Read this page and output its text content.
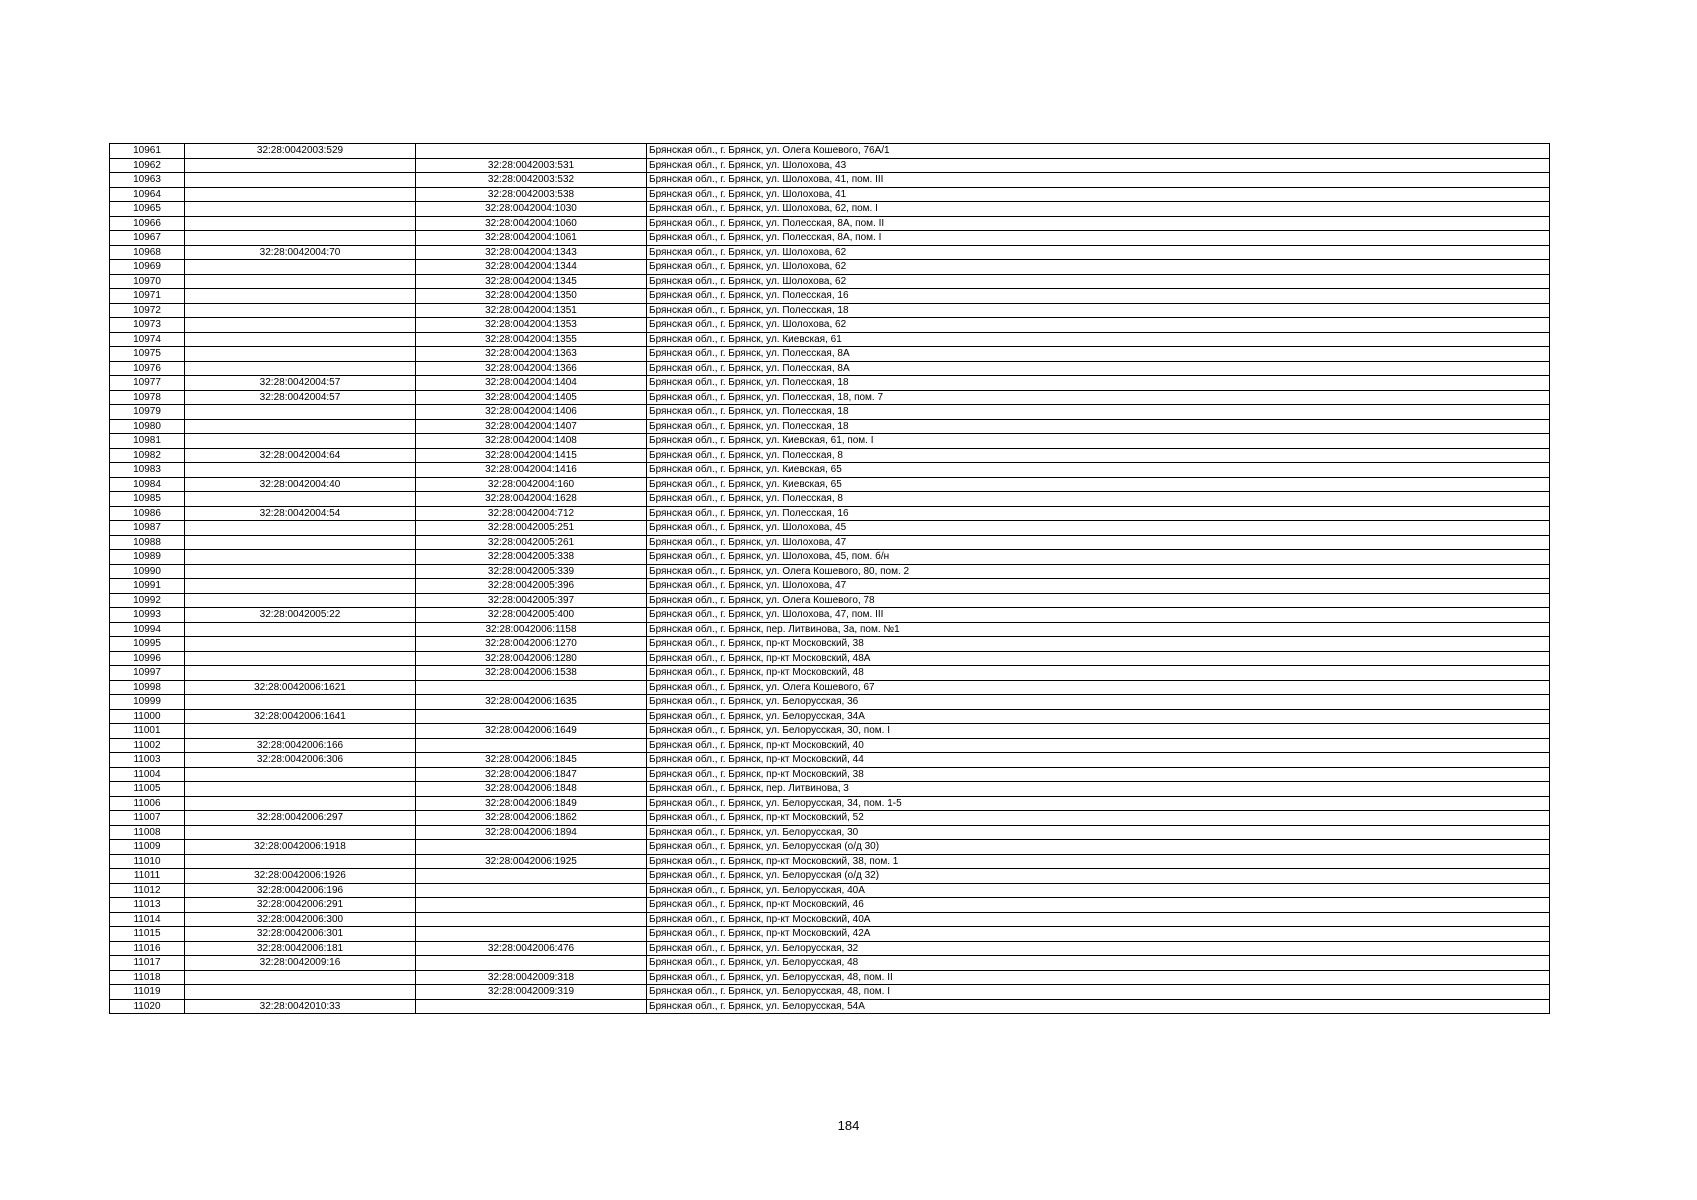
10961	32:28:0042003:529		Брянская обл., г. Брянск, ул. Олега Кошевого, 76А/1
10962		32:28:0042003:531	Брянская обл., г. Брянск, ул. Шолохова, 43
10963		32:28:0042003:532	Брянская обл., г. Брянск, ул. Шолохова, 41, пом. III
10964		32:28:0042003:538	Брянская обл., г. Брянск, ул. Шолохова, 41
10965		32:28:0042004:1030	Брянская обл., г. Брянск, ул. Шолохова, 62, пом. I
10966		32:28:0042004:1060	Брянская обл., г. Брянск, ул. Полесская, 8А, пом. II
10967		32:28:0042004:1061	Брянская обл., г. Брянск, ул. Полесская, 8А, пом. I
10968	32:28:0042004:70	32:28:0042004:1343	Брянская обл., г. Брянск, ул. Шолохова, 62
10969		32:28:0042004:1344	Брянская обл., г. Брянск, ул. Шолохова, 62
10970		32:28:0042004:1345	Брянская обл., г. Брянск, ул. Шолохова, 62
10971		32:28:0042004:1350	Брянская обл., г. Брянск, ул. Полесская, 16
10972		32:28:0042004:1351	Брянская обл., г. Брянск, ул. Полесская, 18
10973		32:28:0042004:1353	Брянская обл., г. Брянск, ул. Шолохова, 62
10974		32:28:0042004:1355	Брянская обл., г. Брянск, ул. Киевская, 61
10975		32:28:0042004:1363	Брянская обл., г. Брянск, ул. Полесская, 8А
10976		32:28:0042004:1366	Брянская обл., г. Брянск, ул. Полесская, 8А
10977	32:28:0042004:57	32:28:0042004:1404	Брянская обл., г. Брянск, ул. Полесская, 18
10978	32:28:0042004:57	32:28:0042004:1405	Брянская обл., г. Брянск, ул. Полесская, 18, пом. 7
10979		32:28:0042004:1406	Брянская обл., г. Брянск, ул. Полесская, 18
10980		32:28:0042004:1407	Брянская обл., г. Брянск, ул. Полесская, 18
10981		32:28:0042004:1408	Брянская обл., г. Брянск, ул. Киевская, 61, пом. I
10982	32:28:0042004:64	32:28:0042004:1415	Брянская обл., г. Брянск, ул. Полесская, 8
10983		32:28:0042004:1416	Брянская обл., г. Брянск, ул. Киевская, 65
10984	32:28:0042004:40	32:28:0042004:160	Брянская обл., г. Брянск, ул. Киевская, 65
10985		32:28:0042004:1628	Брянская обл., г. Брянск, ул. Полесская, 8
10986	32:28:0042004:54	32:28:0042004:712	Брянская обл., г. Брянск, ул. Полесская, 16
10987		32:28:0042005:251	Брянская обл., г. Брянск, ул. Шолохова, 45
10988		32:28:0042005:261	Брянская обл., г. Брянск, ул. Шолохова, 47
10989		32:28:0042005:338	Брянская обл., г. Брянск, ул. Шолохова, 45, пом. б/н
10990		32:28:0042005:339	Брянская обл., г. Брянск, ул. Олега Кошевого, 80, пом. 2
10991		32:28:0042005:396	Брянская обл., г. Брянск, ул. Шолохова, 47
10992		32:28:0042005:397	Брянская обл., г. Брянск, ул. Олега Кошевого, 78
10993	32:28:0042005:22	32:28:0042005:400	Брянская обл., г. Брянск, ул. Шолохова, 47, пом. III
10994		32:28:0042006:1158	Брянская обл., г. Брянск, пер. Литвинова, 3а, пом. №1
10995		32:28:0042006:1270	Брянская обл., г. Брянск, пр-кт Московский, 38
10996		32:28:0042006:1280	Брянская обл., г. Брянск, пр-кт Московский, 48А
10997		32:28:0042006:1538	Брянская обл., г. Брянск, пр-кт Московский, 48
10998	32:28:0042006:1621		Брянская обл., г. Брянск, ул. Олега Кошевого, 67
10999		32:28:0042006:1635	Брянская обл., г. Брянск, ул. Белорусская, 36
11000	32:28:0042006:1641		Брянская обл., г. Брянск, ул. Белорусская, 34А
11001		32:28:0042006:1649	Брянская обл., г. Брянск, ул. Белорусская, 30, пом. I
11002	32:28:0042006:166		Брянская обл., г. Брянск, пр-кт Московский, 40
11003	32:28:0042006:306	32:28:0042006:1845	Брянская обл., г. Брянск, пр-кт Московский, 44
11004		32:28:0042006:1847	Брянская обл., г. Брянск, пр-кт Московский, 38
11005		32:28:0042006:1848	Брянская обл., г. Брянск, пер. Литвинова, 3
11006		32:28:0042006:1849	Брянская обл., г. Брянск, ул. Белорусская, 34, пом. 1-5
11007	32:28:0042006:297	32:28:0042006:1862	Брянская обл., г. Брянск, пр-кт Московский, 52
11008		32:28:0042006:1894	Брянская обл., г. Брянск, ул. Белорусская, 30
11009	32:28:0042006:1918		Брянская обл., г. Брянск, ул. Белорусская (о/д 30)
11010		32:28:0042006:1925	Брянская обл., г. Брянск, пр-кт Московский, 38, пом. 1
11011	32:28:0042006:1926		Брянская обл., г. Брянск, ул. Белорусская (о/д 32)
11012	32:28:0042006:196		Брянская обл., г. Брянск, ул. Белорусская, 40А
11013	32:28:0042006:291		Брянская обл., г. Брянск, пр-кт Московский, 46
11014	32:28:0042006:300		Брянская обл., г. Брянск, пр-кт Московский, 40А
11015	32:28:0042006:301		Брянская обл., г. Брянск, пр-кт Московский, 42А
11016	32:28:0042006:181	32:28:0042006:476	Брянская обл., г. Брянск, ул. Белорусская, 32
11017	32:28:0042009:16		Брянская обл., г. Брянск, ул. Белорусская, 48
11018		32:28:0042009:318	Брянская обл., г. Брянск, ул. Белорусская, 48, пом. II
11019		32:28:0042009:319	Брянская обл., г. Брянск, ул. Белорусская, 48, пом. I
11020	32:28:0042010:33		Брянская обл., г. Брянск, ул. Белорусская, 54А
184
